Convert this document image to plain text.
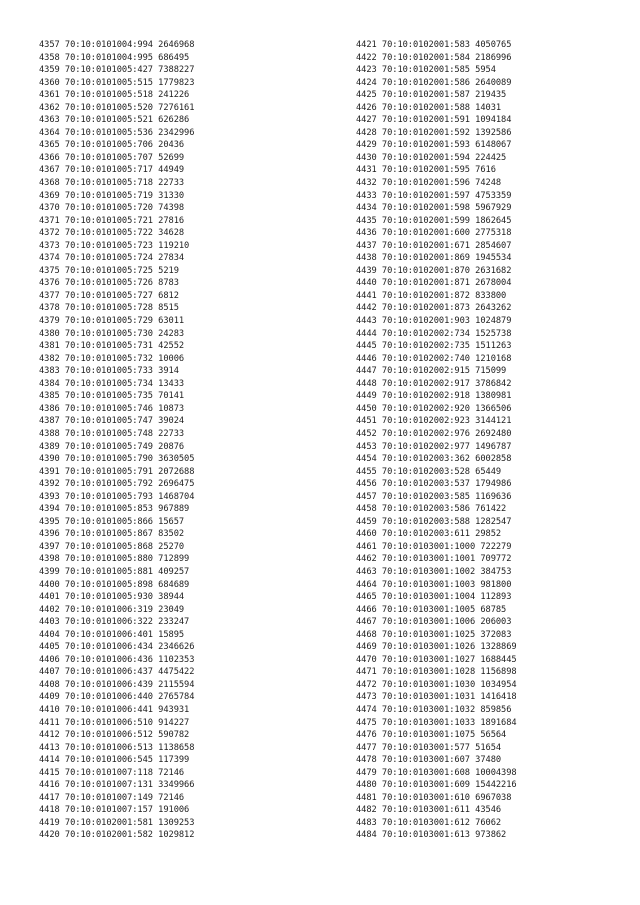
4357 70:10:0101004:994 2646968
4358 70:10:0101004:995 686495
4359 70:10:0101005:427 7388227
4360 70:10:0101005:515 1779823
4361 70:10:0101005:518 241226
4362 70:10:0101005:520 7276161
4363 70:10:0101005:521 626286
4364 70:10:0101005:536 2342996
4365 70:10:0101005:706 20436
4366 70:10:0101005:707 52699
4367 70:10:0101005:717 44949
4368 70:10:0101005:718 22733
4369 70:10:0101005:719 31330
4370 70:10:0101005:720 74398
4371 70:10:0101005:721 27816
4372 70:10:0101005:722 34628
4373 70:10:0101005:723 119210
4374 70:10:0101005:724 27834
4375 70:10:0101005:725 5219
4376 70:10:0101005:726 8783
4377 70:10:0101005:727 6812
4378 70:10:0101005:728 8515
4379 70:10:0101005:729 63011
4380 70:10:0101005:730 24283
4381 70:10:0101005:731 42552
4382 70:10:0101005:732 10006
4383 70:10:0101005:733 3914
4384 70:10:0101005:734 13433
4385 70:10:0101005:735 70141
4386 70:10:0101005:746 10873
4387 70:10:0101005:747 39024
4388 70:10:0101005:748 22733
4389 70:10:0101005:749 20876
4390 70:10:0101005:790 3630505
4391 70:10:0101005:791 2072688
4392 70:10:0101005:792 2696475
4393 70:10:0101005:793 1468704
4394 70:10:0101005:853 967889
4395 70:10:0101005:866 15657
4396 70:10:0101005:867 83502
4397 70:10:0101005:868 25270
4398 70:10:0101005:880 712899
4399 70:10:0101005:881 409257
4400 70:10:0101005:898 684689
4401 70:10:0101005:930 38944
4402 70:10:0101006:319 23049
4403 70:10:0101006:322 233247
4404 70:10:0101006:401 15895
4405 70:10:0101006:434 2346626
4406 70:10:0101006:436 1102353
4407 70:10:0101006:437 4475422
4408 70:10:0101006:439 2115594
4409 70:10:0101006:440 2765784
4410 70:10:0101006:441 943931
4411 70:10:0101006:510 914227
4412 70:10:0101006:512 590782
4413 70:10:0101006:513 1138658
4414 70:10:0101006:545 117399
4415 70:10:0101007:118 72146
4416 70:10:0101007:131 3349966
4417 70:10:0101007:149 72146
4418 70:10:0101007:157 191006
4419 70:10:0102001:581 1309253
4420 70:10:0102001:582 1029812
4421 70:10:0102001:583 4050765
4422 70:10:0102001:584 2186996
4423 70:10:0102001:585 5954
4424 70:10:0102001:586 2640089
4425 70:10:0102001:587 219435
4426 70:10:0102001:588 14031
4427 70:10:0102001:591 1094184
4428 70:10:0102001:592 1392586
4429 70:10:0102001:593 6148067
4430 70:10:0102001:594 224425
4431 70:10:0102001:595 7616
4432 70:10:0102001:596 74248
4433 70:10:0102001:597 4753359
4434 70:10:0102001:598 5967929
4435 70:10:0102001:599 1862645
4436 70:10:0102001:600 2775318
4437 70:10:0102001:671 2854607
4438 70:10:0102001:869 1945534
4439 70:10:0102001:870 2631682
4440 70:10:0102001:871 2678004
4441 70:10:0102001:872 833800
4442 70:10:0102001:873 2643262
4443 70:10:0102001:903 1024879
4444 70:10:0102002:734 1525738
4445 70:10:0102002:735 1511263
4446 70:10:0102002:740 1210168
4447 70:10:0102002:915 715099
4448 70:10:0102002:917 3786842
4449 70:10:0102002:918 1380981
4450 70:10:0102002:920 1366506
4451 70:10:0102002:923 3144121
4452 70:10:0102002:976 2692480
4453 70:10:0102002:977 1496787
4454 70:10:0102003:362 6002858
4455 70:10:0102003:528 65449
4456 70:10:0102003:537 1794986
4457 70:10:0102003:585 1169636
4458 70:10:0102003:586 761422
4459 70:10:0102003:588 1282547
4460 70:10:0102003:611 29852
4461 70:10:0103001:1000 722279
4462 70:10:0103001:1001 709772
4463 70:10:0103001:1002 384753
4464 70:10:0103001:1003 981800
4465 70:10:0103001:1004 112893
4466 70:10:0103001:1005 68785
4467 70:10:0103001:1006 206003
4468 70:10:0103001:1025 372083
4469 70:10:0103001:1026 1328869
4470 70:10:0103001:1027 1688445
4471 70:10:0103001:1028 1156898
4472 70:10:0103001:1030 1034954
4473 70:10:0103001:1031 1416418
4474 70:10:0103001:1032 859856
4475 70:10:0103001:1033 1891684
4476 70:10:0103001:1075 56564
4477 70:10:0103001:577 51654
4478 70:10:0103001:607 37480
4479 70:10:0103001:608 10004398
4480 70:10:0103001:609 15442216
4481 70:10:0103001:610 6967038
4482 70:10:0103001:611 43546
4483 70:10:0103001:612 76062
4484 70:10:0103001:613 973862
